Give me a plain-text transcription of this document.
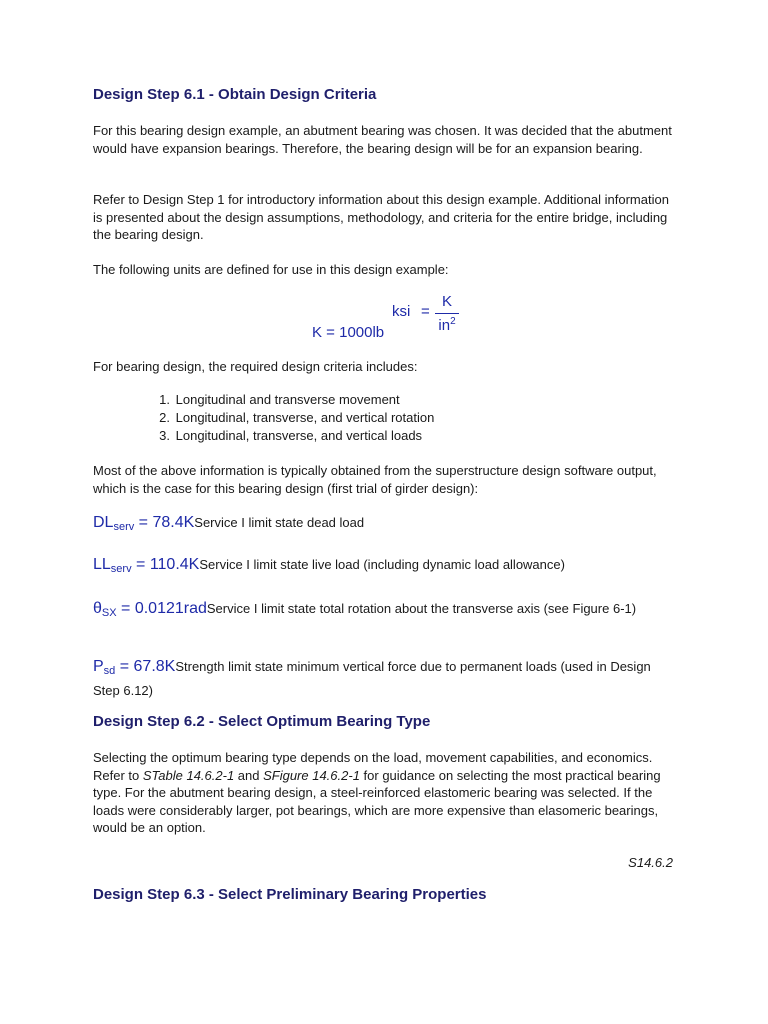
Design Step 6.1 - Obtain Design Criteria
For this bearing design example, an abutment bearing was chosen. It was decided that the abutment would have expansion bearings. Therefore, the bearing design will be for an expansion bearing.
Refer to Design Step 1 for introductory information about this design example. Additional information is presented about the design assumptions, methodology, and criteria for the entire bridge, including the bearing design.
The following units are defined for use in this design example:
ksi =
K
$in^2$
K = 1000lb
For bearing design, the required design criteria includes:
1. Longitudinal and transverse movement
2. Longitudinal, transverse, and vertical rotation
3. Longitudinal, transverse, and vertical loads
Most of the above information is typically obtained from the superstructure design software output, which is the case for this bearing design (first trial of girder design):
$DL_{serv}$ = 78.4KService I limit state dead load
$LL_{serv}$ = 110.4KService I limit state live load (including dynamic load allowance)
$\theta_{SX}$ = 0.0121radService I limit state total rotation about the transverse axis (see Figure 6-1)
$P_{sd}$ = 67.8KStrength limit state minimum vertical force due to permanent loads (used in Design Step 6.12)
Design Step 6.2 - Select Optimum Bearing Type
Selecting the optimum bearing type depends on the load, movement capabilities, and economics. Refer to STable 14.6.2-1 and SFigure 14.6.2-1 for guidance on selecting the most practical bearing type. For the abutment bearing design, a steel-reinforced elastomeric bearing was selected. If the loads were considerably larger, pot bearings, which are more expensive than elasomeric bearings, would be an option.
S14.6.2
Design Step 6.3 - Select Preliminary Bearing Properties
